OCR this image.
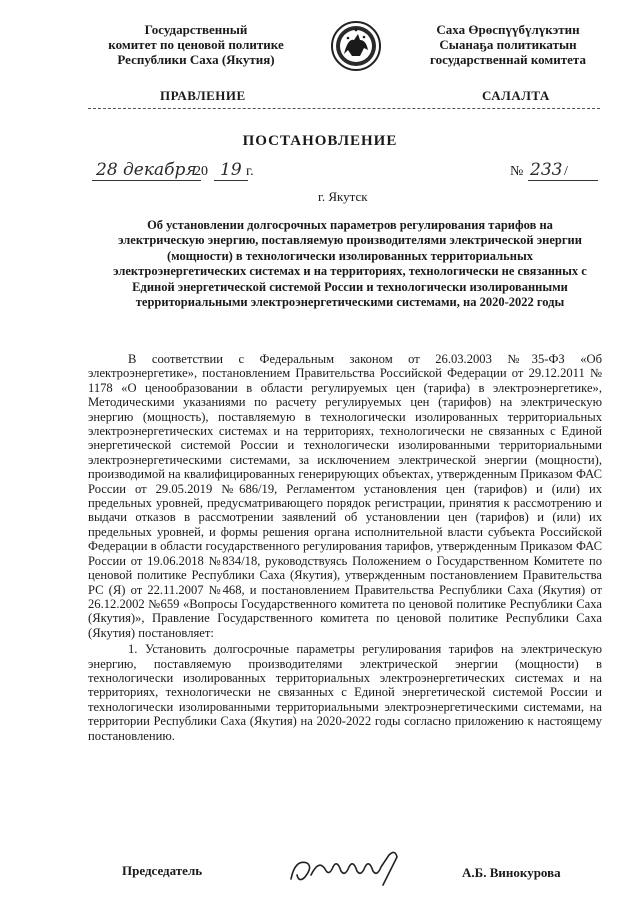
Государственный
комитет по ценовой политике
Республики Саха (Якутия)
Саха Өрөспүүбүлүкэтин
Сыанаҕа политикатын
государственнай комитета
ПРАВЛЕНИЕ	САЛАЛТА
ПОСТАНОВЛЕНИЕ
28 декабря
20 19 г.	№ 233 /
г. Якутск
Об установлении долгосрочных параметров регулирования тарифов на электрическую энергию, поставляемую производителями электрической энергии (мощности) в технологически изолированных территориальных электроэнергетических системах и на территориях, технологически не связанных с Единой энергетической системой России и технологически изолированными территориальными электроэнергетическими системами, на 2020-2022 годы

В соответствии с Федеральным законом от 26.03.2003 №35-ФЗ «Об электроэнергетике», постановлением Правительства Российской Федерации от 29.12.2011 № 1178 «О ценообразовании в области регулируемых цен (тарифа) в электроэнергетике», Методическими указаниями по расчету регулируемых цен (тарифов) на электрическую энергию (мощность), поставляемую в технологически изолированных территориальных электроэнергетических системах и на территориях, технологически не связанных с Единой энергетической системой России и технологически изолированными территориальными электроэнергетическими системами, за исключением электрической энергии (мощности), производимой на квалифицированных генерирующих объектах, утвержденным Приказом ФАС России от 29.05.2019 №686/19, Регламентом установления цен (тарифов) и (или) их предельных уровней, предусматривающего порядок регистрации, принятия к рассмотрению и выдачи отказов в рассмотрении заявлений об установлении цен (тарифов) и (или) их предельных уровней, и формы решения органа исполнительной власти субъекта Российской Федерации в области государственного регулирования тарифов, утвержденным Приказом ФАС России от 19.06.2018 №834/18, руководствуясь Положением о Государственном Комитете по ценовой политике Республики Саха (Якутия), утвержденным постановлением Правительства РС (Я) от 22.11.2007 №468, и постановлением Правительства Республики Саха (Якутия) от 26.12.2002 №659 «Вопросы Государственного комитета по ценовой политике Республики Саха (Якутия)», Правление Государственного комитета по ценовой политике Республики Саха (Якутия) постановляет:

1. Установить долгосрочные параметры регулирования тарифов на электрическую энергию, поставляемую производителями электрической энергии (мощности) в технологически изолированных территориальных электроэнергетических системах и на территориях, технологически не связанных с Единой энергетической системой России и технологически изолированными территориальными электроэнергетическими системами, на территории Республики Саха (Якутия) на 2020-2022 годы согласно приложению к настоящему постановлению.

Председатель	А.Б. Винокурова
